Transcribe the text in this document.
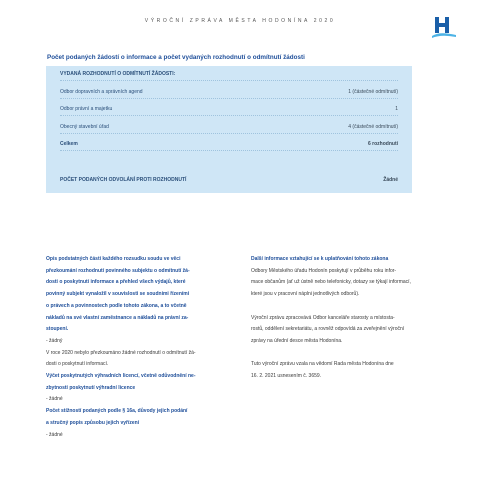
VÝROČNÍ ZPRÁVA MĚSTA HODONÍNA 2020
Počet podaných žádostí o informace a počet vydaných rozhodnutí o odmítnutí žádosti
VYDANÁ ROZHODNUTÍ O ODMÍTNUTÍ ŽÁDOSTI:
Odbor dopravních a správních agend	1 (částečné odmítnutí)
Odbor právní a majetku	1
Obecný stavební úřad	4 (částečné odmítnutí)
Celkem	6 rozhodnutí
POČET PODANÝCH ODVOLÁNÍ PROTI ROZHODNUTÍ	Žádné

Opis podstatných částí každého rozsudku soudu ve věci
přezkoumání rozhodnutí povinného subjektu o odmítnutí žá-
dosti o poskytnutí informace a přehled všech výdajů, které
povinný subjekt vynaložil v souvislosti se soudními řízeními
o právech a povinnostech podle tohoto zákona, a to včetně
nákladů na své vlastní zaměstnance a nákladů na právní za-
stoupení.

- žádný

V roce 2020 nebylo přezkoumáno žádné rozhodnutí o odmítnutí žá-
dosti o poskytnutí informací.

Výčet poskytnutých výhradních licencí, včetně odůvodnění ne-
zbytnosti poskytnutí výhradní licence

- žádné

Počet stížností podaných podle § 16a, důvody jejich podání
a stručný popis způsobu jejich vyřízení

- žádné

Další informace vztahující se k uplatňování tohoto zákona

Odbory Městského úřadu Hodonín poskytují v průběhu roku infor-
mace občanům (ať už ústně nebo telefonicky, dotazy se týkají informací,
které jsou v pracovní náplni jednotlivých odborů).

Výroční zprávu zpracovává Odbor kanceláře starosty a místosta-
rostů, oddělení sekretariátu, a rovněž odpovídá za zveřejnění výroční
zprávy na úřední desce města Hodonína.

Tuto výroční zprávu vzala na vědomí Rada města Hodonína dne
16. 2. 2021 usnesením č. 3659.
